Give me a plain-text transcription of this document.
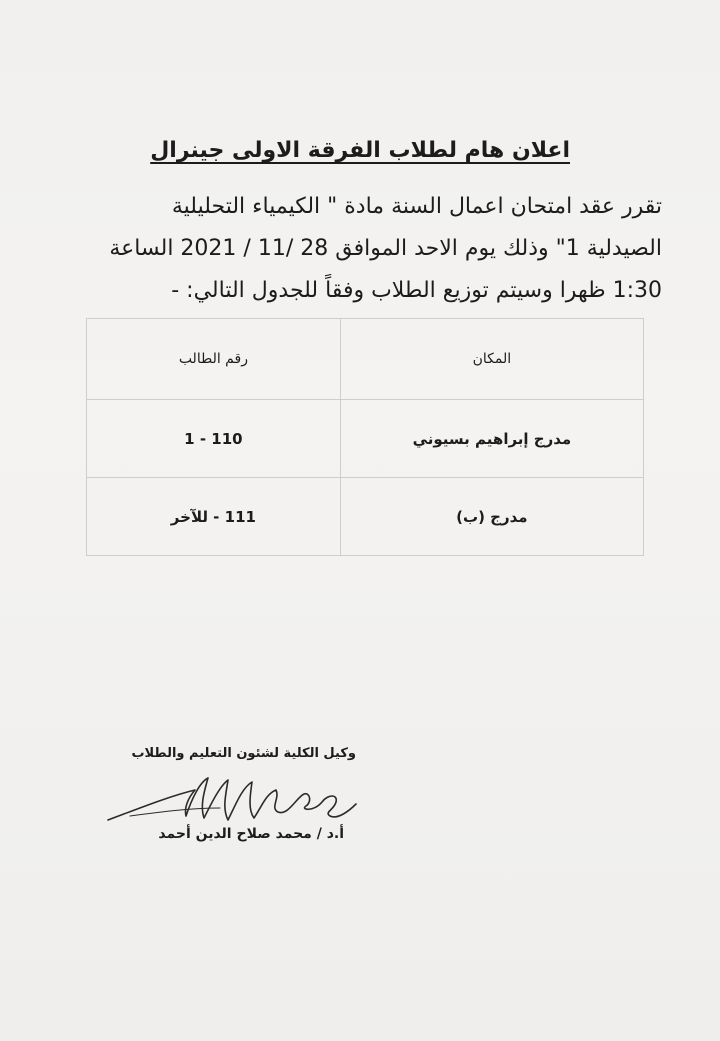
اعلان هام لطلاب الفرقة الاولى جينرال
تقرر عقد امتحان اعمال السنة مادة " الكيمياء التحليلية
الصيدلية 1" وذلك يوم الاحد الموافق 28 /11 / 2021 الساعة
1:30 ظهرا وسيتم توزيع الطلاب وفقاً للجدول التالي: -
المكان	رقم الطالب
مدرج إبراهيم بسيوني	1 - 110
مدرج (ب)	111 - للآخر
وكيل الكلية لشئون التعليم والطلاب
أ.د / محمد صلاح الدين أحمد
